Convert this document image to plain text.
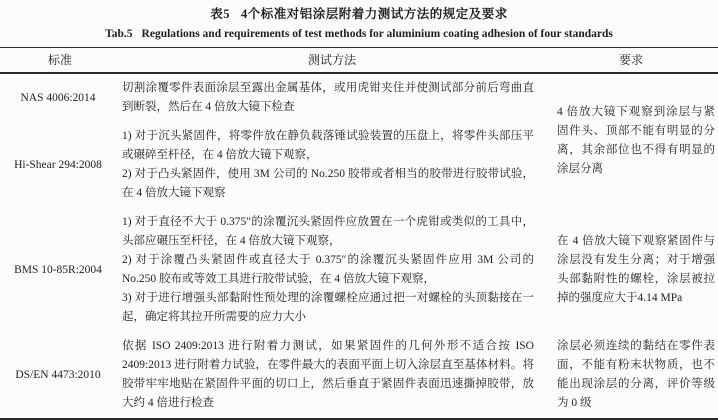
表5 4个标准对铝涂层附着力测试方法的规定及要求
Tab.5 Regulations and requirements of test methods for aluminium coating adhesion of four standards
标准	测试方法	要求
NAS 4006:2014	切割涂覆零件表面涂层至露出金属基体，或用虎钳夹住并使测试部分前后弯曲直到断裂，然后在 4 倍放大镜下检查	4 倍放大镜下观察到涂层与紧固件头、顶部不能有明显的分离，其余部位也不得有明显的涂层分离
Hi-Shear 294:2008	1) 对于沉头紧固件，将零件放在静负载落锤试验装置的压盘上，将零件头部压平或碾碎至杆径，在 4 倍放大镜下观察，

2) 对于凸头紧固件，使用 3M 公司的 No.250 胶带或者相当的胶带进行胶带试验，在 4 倍放大镜下观察	

BMS 10-85R:2004	1) 对于直径不大于 0.375″的涂覆沉头紧固件应放置在一个虎钳或类似的工具中，头部应碾压至杆径，在 4 倍放大镜下观察，

2) 对于涂覆凸头紧固件或直径大于 0.375″的涂覆沉头紧固件应用 3M 公司的 No.250 胶布或等效工具进行胶带试验，在 4 倍放大镜下观察，

3) 对于进行增强头部黏附性预处理的涂覆螺栓应通过把一对螺栓的头顶黏接在一起，确定将其拉开所需要的应力大小	在 4 倍放大镜下观察紧固件与涂层没有发生分离；对于增强头部黏附性的螺栓，涂层被拉掉的强度应大于4.14 MPa
DS/EN 4473:2010	依据 ISO 2409:2013 进行附着力测试，如果紧固件的几何外形不适合按 ISO 2409:2013 进行附着力试验，在零件最大的表面平面上切入涂层直至基体材料。将胶带牢牢地贴在紧固件平面的切口上，然后垂直于紧固件表面迅速撕掉胶带，放大约 4 倍进行检查	涂层必须连续的黏结在零件表面，不能有粉末状物质，也不能出现涂层的分离，评价等级为 0 级
